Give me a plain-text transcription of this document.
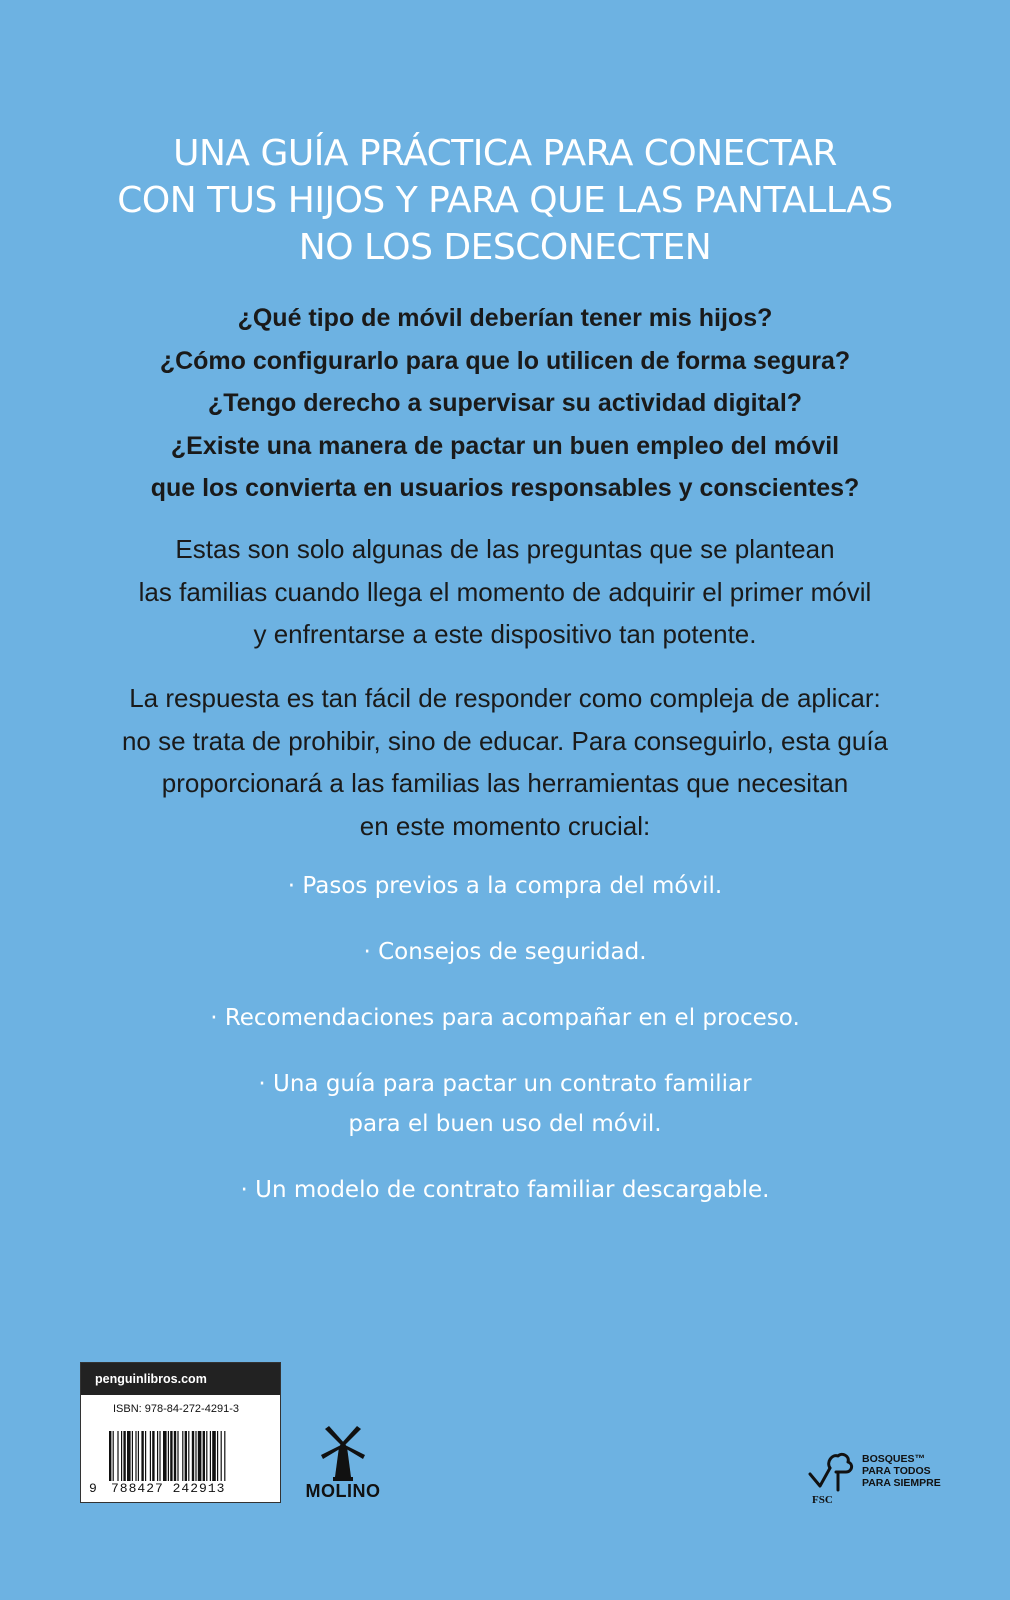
UNA GUÍA PRÁCTICA PARA CONECTAR
CON TUS HIJOS Y PARA QUE LAS PANTALLAS
NO LOS DESCONECTEN
¿Qué tipo de móvil deberían tener mis hijos?
¿Cómo configurarlo para que lo utilicen de forma segura?
¿Tengo derecho a supervisar su actividad digital?
¿Existe una manera de pactar un buen empleo del móvil
que los convierta en usuarios responsables y conscientes?
Estas son solo algunas de las preguntas que se plantean
las familias cuando llega el momento de adquirir el primer móvil
y enfrentarse a este dispositivo tan potente.
La respuesta es tan fácil de responder como compleja de aplicar:
no se trata de prohibir, sino de educar. Para conseguirlo, esta guía
proporcionará a las familias las herramientas que necesitan
en este momento crucial:
· Pasos previos a la compra del móvil.
· Consejos de seguridad.
· Recomendaciones para acompañar en el proceso.
· Una guía para pactar un contrato familiar
para el buen uso del móvil.
· Un modelo de contrato familiar descargable.
penguinlibros.com
ISBN: 978-84-272-4291-3
9 788427 242913	MOLINO
BOSQUES™
PARA TODOS
PARA SIEMPRE
FSC
